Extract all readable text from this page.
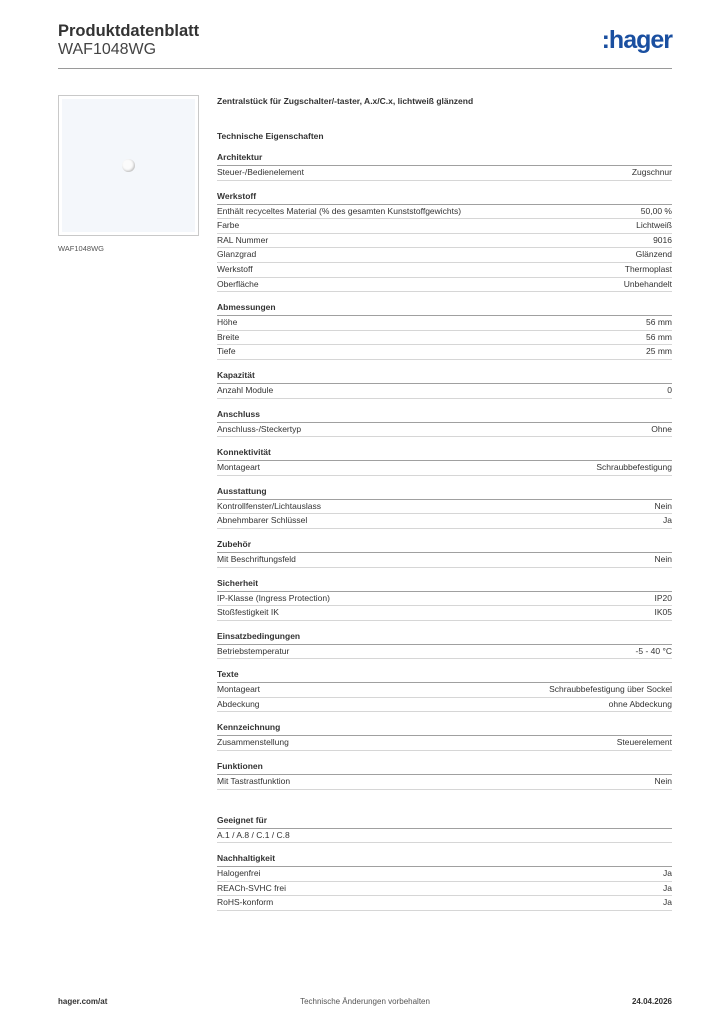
Produktdatenblatt
WAF1048WG	:hager
WAF1048WG
Zentralstück für Zugschalter/-taster, A.x/C.x, lichtweiß glänzend
Technische Eigenschaften
Architektur
Steuer-/Bedienelement	Zugschnur
Werkstoff
Enthält recyceltes Material (% des gesamten Kunststoffgewichts)	50,00 %
Farbe	Lichtweiß
RAL Nummer	9016
Glanzgrad	Glänzend
Werkstoff	Thermoplast
Oberfläche	Unbehandelt
Abmessungen
Höhe	56 mm
Breite	56 mm
Tiefe	25 mm
Kapazität
Anzahl Module	0
Anschluss
Anschluss-/Steckertyp	Ohne
Konnektivität
Montageart	Schraubbefestigung
Ausstattung
Kontrollfenster/Lichtauslass	Nein
Abnehmbarer Schlüssel	Ja
Zubehör
Mit Beschriftungsfeld	Nein
Sicherheit
IP-Klasse (Ingress Protection)	IP20
Stoßfestigkeit IK	IK05
Einsatzbedingungen
Betriebstemperatur	-5 - 40 °C
Texte
Montageart	Schraubbefestigung über Sockel
Abdeckung	ohne Abdeckung
Kennzeichnung
Zusammenstellung	Steuerelement
Funktionen
Mit Tastrastfunktion	Nein
Geeignet für
A.1 / A.8 / C.1 / C.8
Nachhaltigkeit
Halogenfrei	Ja
REACh-SVHC frei	Ja
RoHS-konform	Ja
hager.com/at	Technische Änderungen vorbehalten	24.04.2026
